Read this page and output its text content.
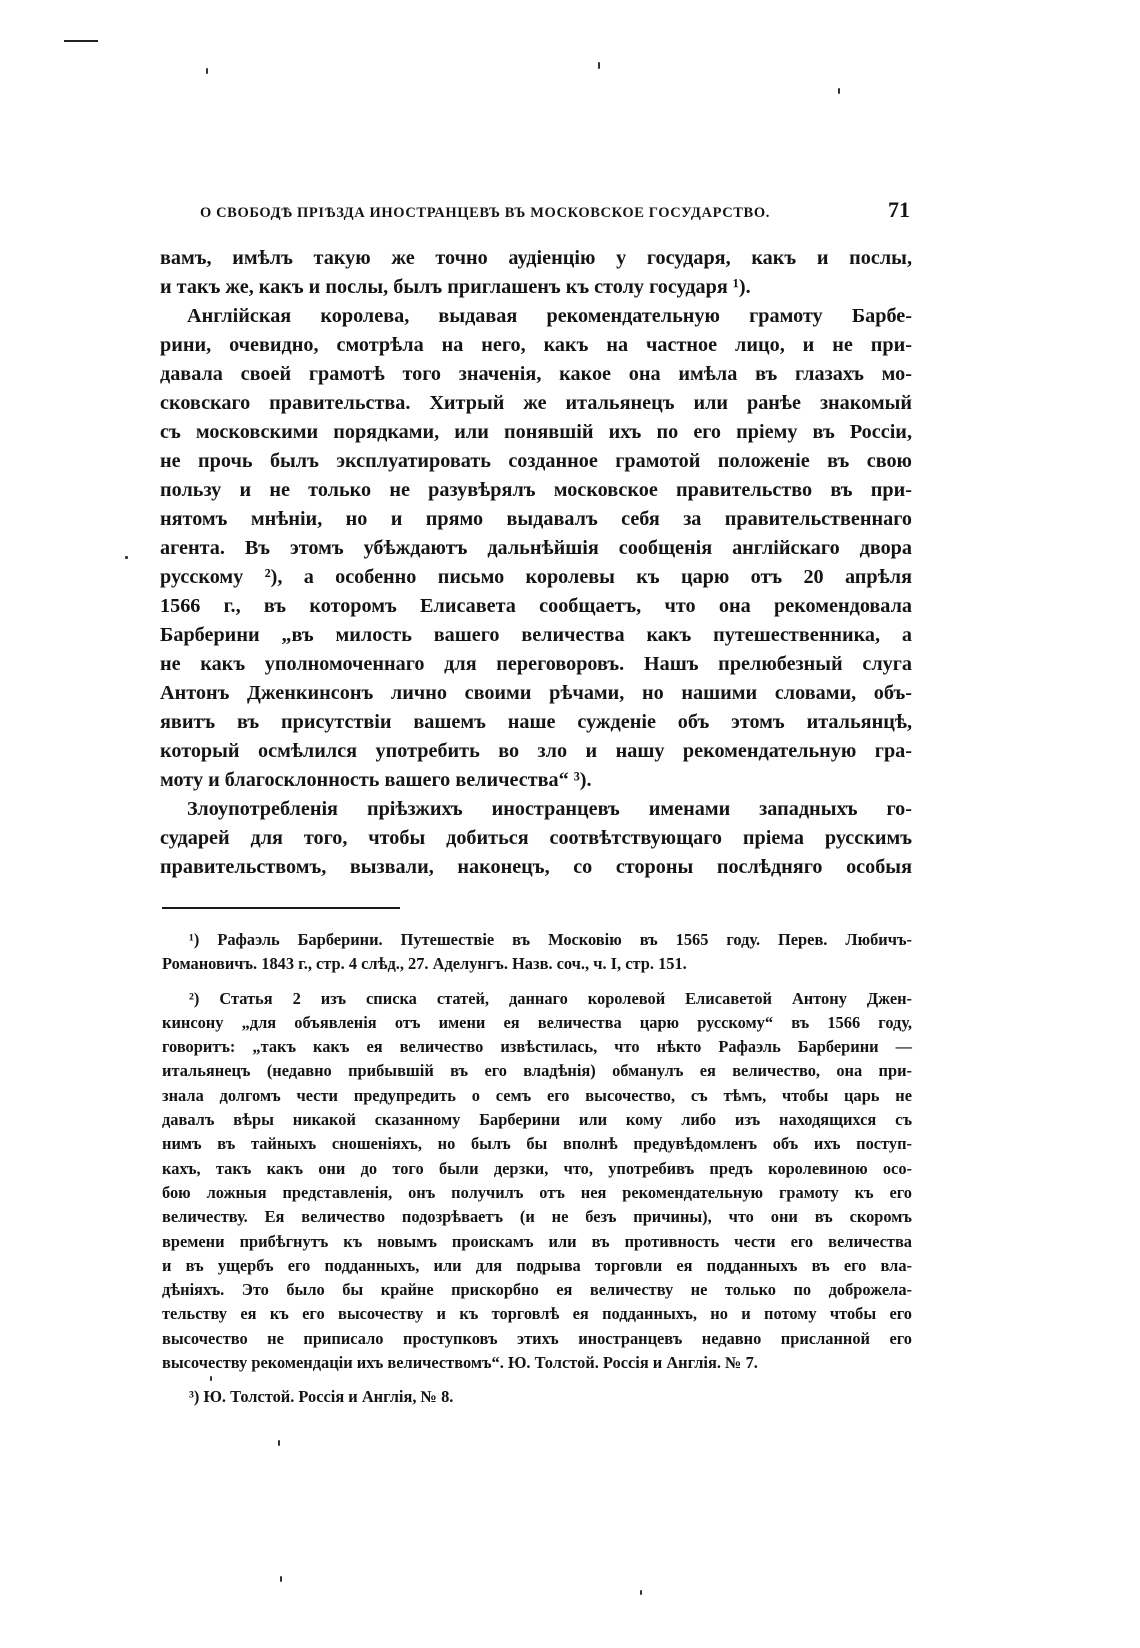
О СВОБОДѢ ПРІѢЗДА ИНОСТРАНЦЕВЪ ВЪ МОСКОВСКОЕ ГОСУДАРСТВО.	71
вамъ, имѣлъ такую же точно аудіенцію у государя, какъ и послы,
и такъ же, какъ и послы, былъ приглашенъ къ столу государя ¹).
Англійская королева, выдавая рекомендательную грамоту Барбе-
рини, очевидно, смотрѣла на него, какъ на частное лицо, и не при-
давала своей грамотѣ того значенія, какое она имѣла въ глазахъ мо-
сковскаго правительства. Хитрый же итальянецъ или ранѣе знакомый
съ московскими порядками, или понявшій ихъ по его пріему въ Россіи,
не прочь былъ эксплуатировать созданное грамотой положеніе въ свою
пользу и не только не разувѣрялъ московское правительство въ при-
нятомъ мнѣніи, но и прямо выдавалъ себя за правительственнаго
агента. Въ этомъ убѣждаютъ дальнѣйшія сообщенія англійскаго двора
русскому ²), а особенно письмо королевы къ царю отъ 20 апрѣля
1566 г., въ которомъ Елисавета сообщаетъ, что она рекомендовала
Барберини „въ милость вашего величества какъ путешественника, а
не какъ уполномоченнаго для переговоровъ. Нашъ прелюбезный слуга
Антонъ Дженкинсонъ лично своими рѣчами, но нашими словами, объ-
явитъ въ присутствіи вашемъ наше сужденіе объ этомъ итальянцѣ,
который осмѣлился употребить во зло и нашу рекомендательную гра-
моту и благосклонность вашего величества“ ³).
Злоупотребленія пріѣзжихъ иностранцевъ именами западныхъ го-
сударей для того, чтобы добиться соотвѣтствующаго пріема русскимъ
правительствомъ, вызвали, наконецъ, со стороны послѣдняго особыя
¹) Рафаэль Барберини. Путешествіе въ Московію въ 1565 году. Перев. Любичъ-
Романовичъ. 1843 г., стр. 4 слѣд., 27. Аделунгъ. Назв. соч., ч. I, стр. 151.
²) Статья 2 изъ списка статей, даннаго королевой Елисаветой Антону Джен-
кинсону „для объявленія отъ имени ея величества царю русскому“ въ 1566 году,
говоритъ: „такъ какъ ея величество извѣстилась, что нѣкто Рафаэль Барберини —
итальянецъ (недавно прибывшій въ его владѣнія) обманулъ ея величество, она при-
знала долгомъ чести предупредить о семъ его высочество, съ тѣмъ, чтобы царь не
давалъ вѣры никакой сказанному Барберини или кому либо изъ находящихся съ
нимъ въ тайныхъ сношеніяхъ, но былъ бы вполнѣ предувѣдомленъ объ ихъ поступ-
кахъ, такъ какъ они до того были дерзки, что, употребивъ предъ королевиною осо-
бою ложныя представленія, онъ получилъ отъ нея рекомендательную грамоту къ его
величеству. Ея величество подозрѣваетъ (и не безъ причины), что они въ скоромъ
времени прибѣгнутъ къ новымъ проискамъ или въ противность чести его величества
и въ ущербъ его подданныхъ, или для подрыва торговли ея подданныхъ въ его вла-
дѣніяхъ. Это было бы крайне прискорбно ея величеству не только по доброжела-
тельству ея къ его высочеству и къ торговлѣ ея подданныхъ, но и потому чтобы его
высочество не приписало проступковъ этихъ иностранцевъ недавно присланной его
высочеству рекомендаціи ихъ величествомъ“. Ю. Толстой. Россія и Англія. № 7.
³) Ю. Толстой. Россія и Англія, № 8.
